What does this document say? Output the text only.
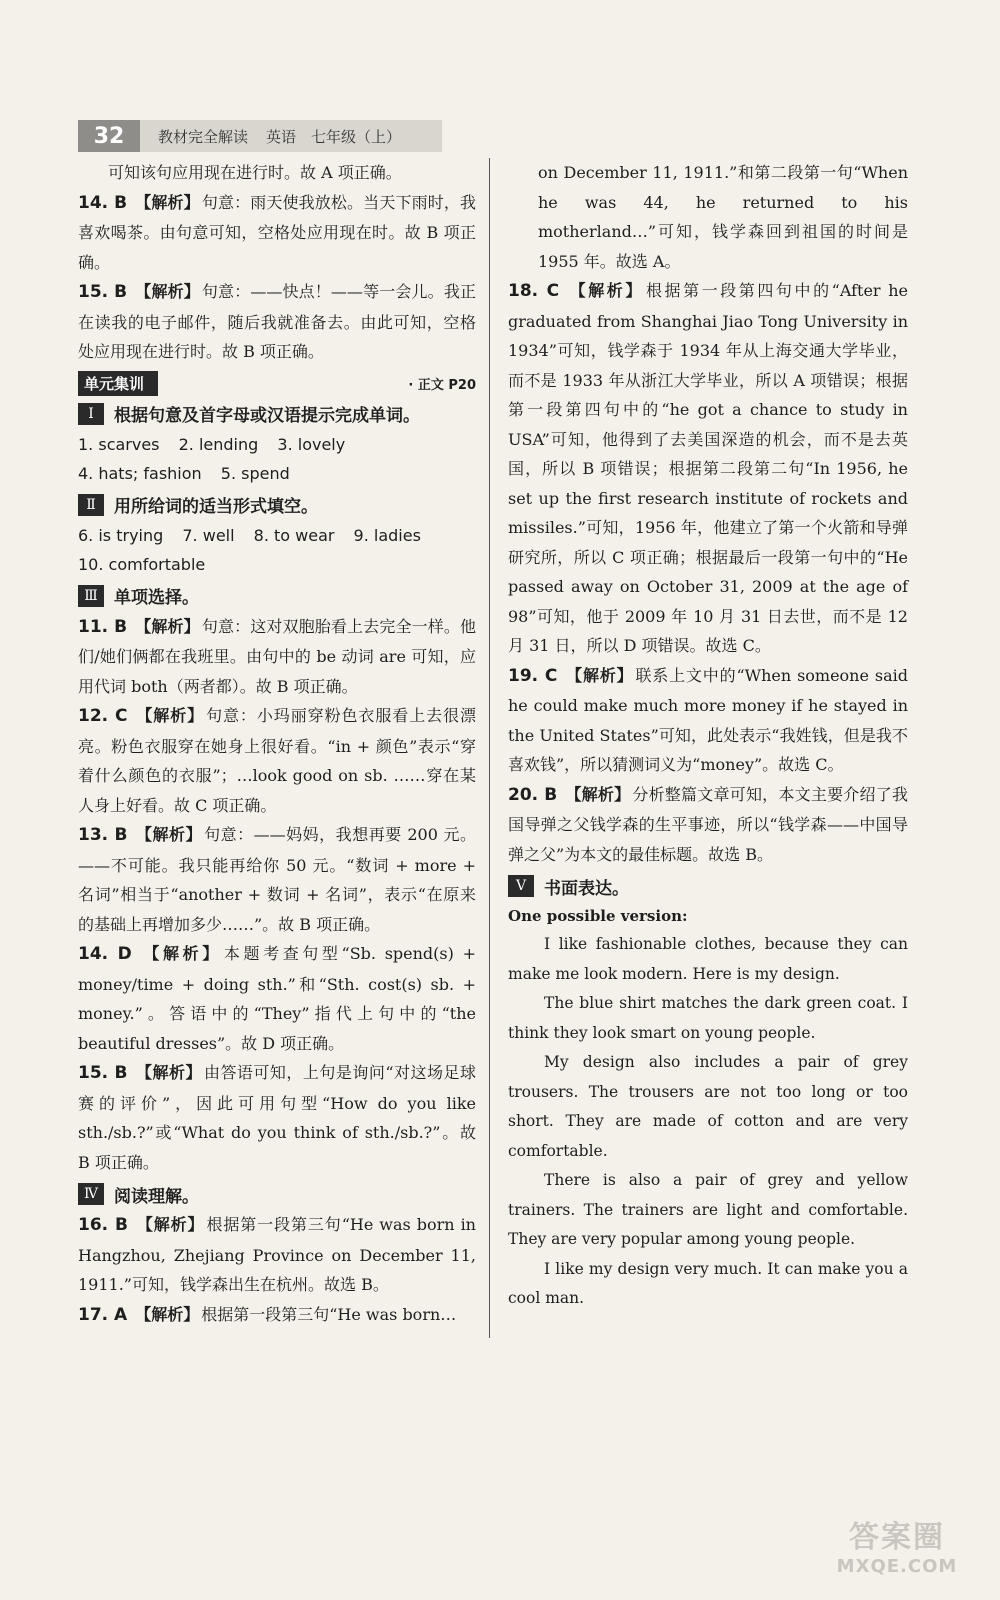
32	教材完全解读 英语　七年级（上）

可知该句应用现在进行时。故 A 项正确。

14. B 【解析】 句意：雨天使我放松。当天下雨时，我喜欢喝茶。由句意可知，空格处应用现在时。故 B 项正确。

15. B 【解析】 句意：——快点！——等一会儿。我正在读我的电子邮件，随后我就准备去。由此可知，空格处应用现在进行时。故 B 项正确。

单元集训	· 正文 P20
Ⅰ	根据句意及首字母或汉语提示完成单词。
1. scarves 2. lending 3. lovely
4. hats; fashion 5. spend
Ⅱ	用所给词的适当形式填空。
6. is trying 7. well 8. to wear 9. ladies
10. comfortable
Ⅲ 单项选择。

11. B 【解析】 句意：这对双胞胎看上去完全一样。他们/她们俩都在我班里。由句中的 be 动词 are 可知，应用代词 both（两者都）。故 B 项正确。

12. C 【解析】 句意：小玛丽穿粉色衣服看上去很漂亮。粉色衣服穿在她身上很好看。“in + 颜色”表示“穿着什么颜色的衣服”；…look good on sb. ……穿在某人身上好看。故 C 项正确。

13. B 【解析】 句意：——妈妈，我想再要 200 元。——不可能。我只能再给你 50 元。“数词 + more + 名词”相当于“another + 数词 + 名词”，表示“在原来的基础上再增加多少……”。故 B 项正确。

14. D 【解析】 本题考查句型“Sb. spend(s) + money/time + doing sth.”和“Sth. cost(s) sb. + money.”。答语中的“They”指代上句中的“the beautiful dresses”。故 D 项正确。

15. B 【解析】 由答语可知，上句是询问“对这场足球赛的评价”，因此可用句型“How do you like sth./sb.?”或“What do you think of sth./sb.?”。故 B 项正确。

Ⅳ 阅读理解。

16. B 【解析】 根据第一段第三句“He was born in Hangzhou, Zhejiang Province on December 11, 1911.”可知，钱学森出生在杭州。故选 B。

17. A 【解析】 根据第一段第三句“He was born…

on December 11, 1911.”和第二段第一句“When he was 44, he returned to his motherland…”可知，钱学森回到祖国的时间是 1955 年。故选 A。

18. C 【解析】 根据第一段第四句中的“After he graduated from Shanghai Jiao Tong University in 1934”可知，钱学森于 1934 年从上海交通大学毕业，而不是 1933 年从浙江大学毕业，所以 A 项错误；根据第一段第四句中的“he got a chance to study in USA”可知，他得到了去美国深造的机会，而不是去英国，所以 B 项错误；根据第二段第二句“In 1956, he set up the first research institute of rockets and missiles.”可知，1956 年，他建立了第一个火箭和导弹研究所，所以 C 项正确；根据最后一段第一句中的“He passed away on October 31, 2009 at the age of 98”可知，他于 2009 年 10 月 31 日去世，而不是 12 月 31 日，所以 D 项错误。故选 C。

19. C 【解析】 联系上文中的“When someone said he could make much more money if he stayed in the United States”可知，此处表示“我姓钱，但是我不喜欢钱”，所以猜测词义为“money”。故选 C。

20. B 【解析】 分析整篇文章可知，本文主要介绍了我国导弹之父钱学森的生平事迹，所以“钱学森——中国导弹之父”为本文的最佳标题。故选 B。

Ⅴ	书面表达。

One possible version:

I like fashionable clothes, because they can make me look modern. Here is my design.

The blue shirt matches the dark green coat. I think they look smart on young people.

My design also includes a pair of grey trousers. The trousers are not too long or too short. They are made of cotton and are very comfortable.

There is also a pair of grey and yellow trainers. The trainers are light and comfortable. They are very popular among young people.

I like my design very much. It can make you a cool man.

答案圈
MXQE.COM
